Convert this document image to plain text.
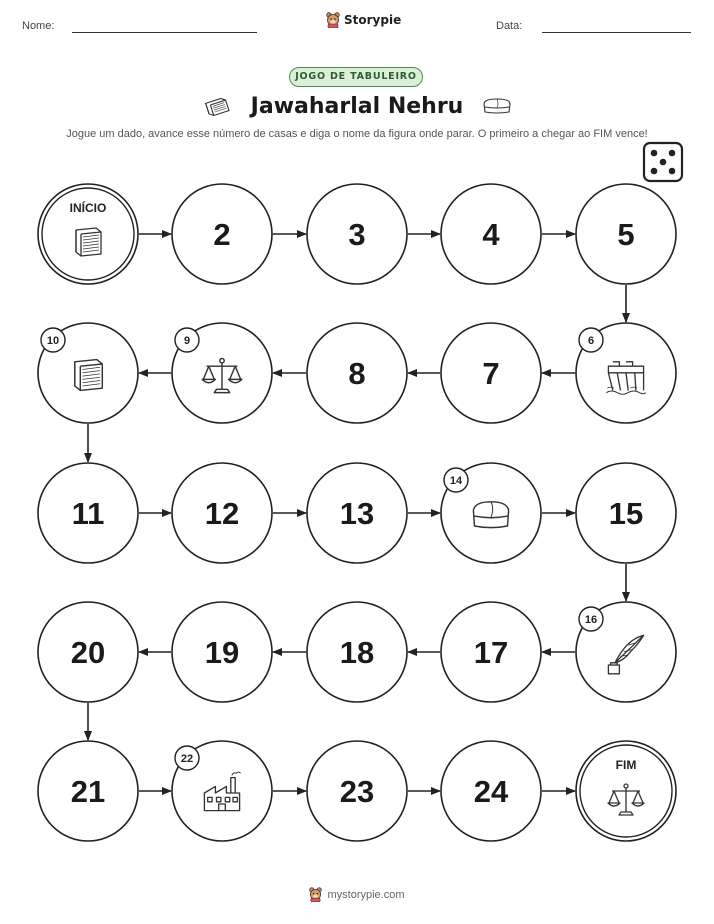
Nome:	Storypie	Data:
JOGO DE TABULEIRO
Jawaharlal Nehru
Jogue um dado, avance esse número de casas e diga o nome da figura onde parar. O primeiro a chegar ao FIM vence!
INÍCIO
2	3	4	5
6
7
8
9
10
11	12	13
14
15
16
17
18
19
20
21
22
23	24
FIM
mystorypie.com
